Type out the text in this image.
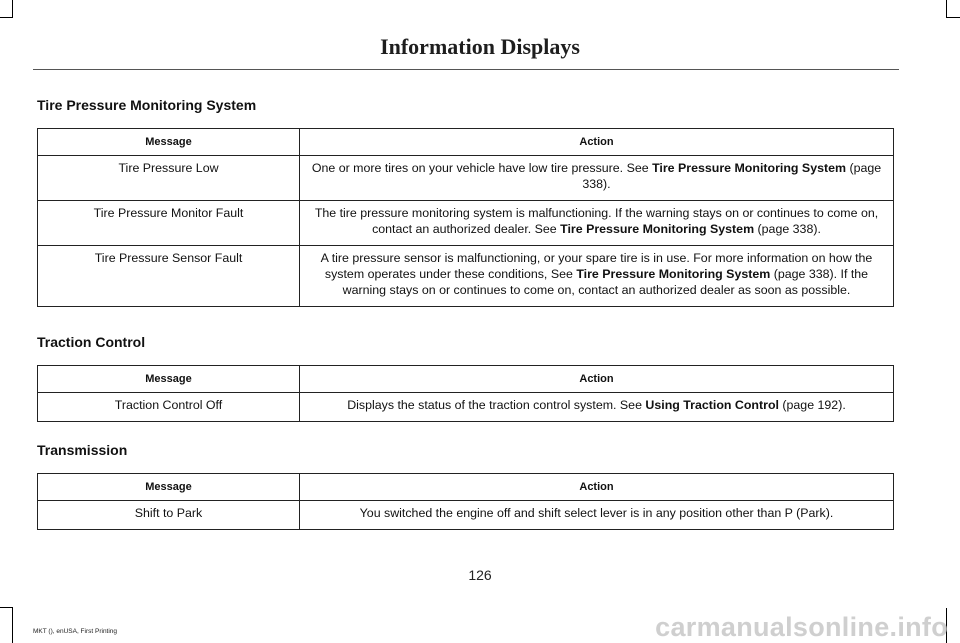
Information Displays
Tire Pressure Monitoring System
Message	Action
Tire Pressure Low	One or more tires on your vehicle have low tire pressure. See Tire Pressure Monitoring System (page 338).
Tire Pressure Monitor Fault	The tire pressure monitoring system is malfunctioning. If the warning stays on or continues to come on, contact an authorized dealer. See Tire Pressure Monitoring System (page 338).
Tire Pressure Sensor Fault	A tire pressure sensor is malfunctioning, or your spare tire is in use. For more information on how the system operates under these conditions, See Tire Pressure Monitoring System (page 338). If the warning stays on or continues to come on, contact an authorized dealer as soon as possible.
Traction Control
Message	Action
Traction Control Off	Displays the status of the traction control system. See Using Traction Control (page 192).
Transmission
Message	Action
Shift to Park	You switched the engine off and shift select lever is in any position other than P (Park).
126
MKT (), enUSA, First Printing	carmanualsonline.info
